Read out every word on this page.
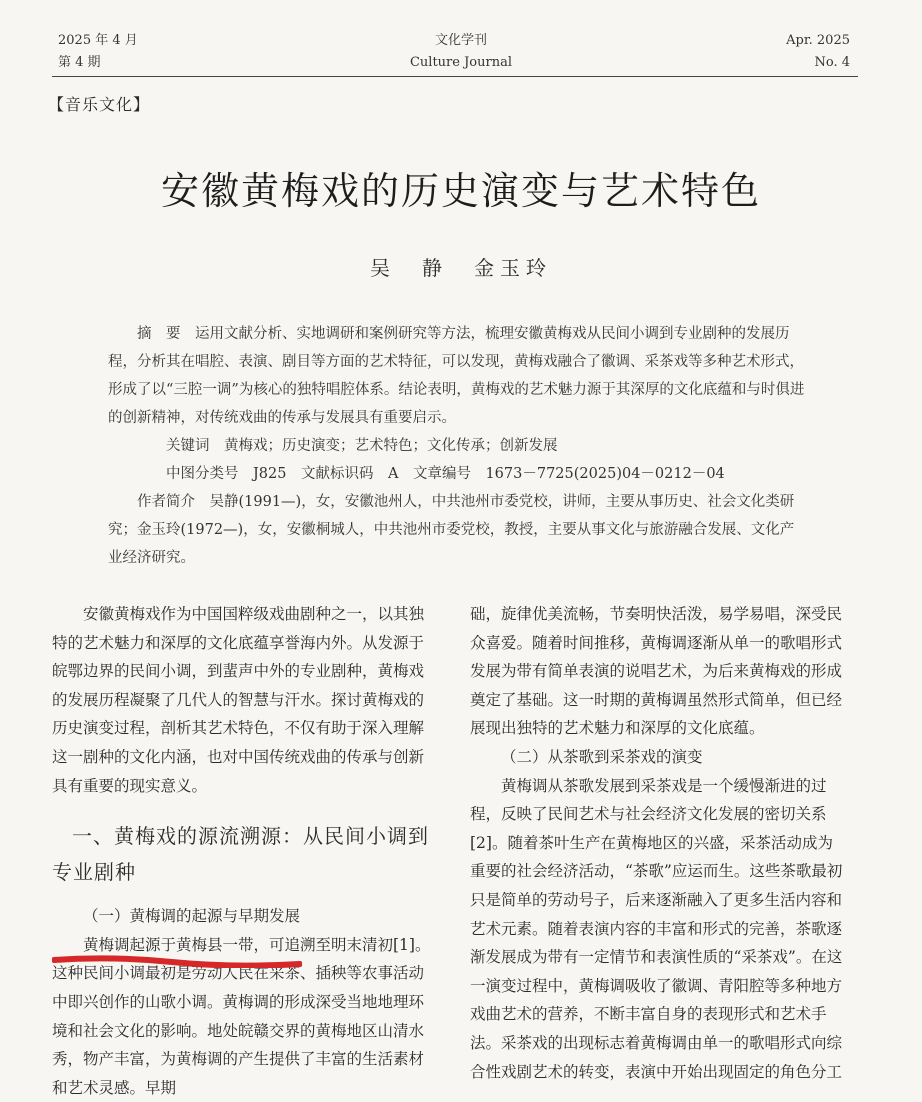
2025 年 4 月
第 4 期
文化学刊
Culture Journal
Apr. 2025
No. 4
【音乐文化】
安徽黄梅戏的历史演变与艺术特色
吴　静　金玉玲

摘　要　 运用文献分析、实地调研和案例研究等方法，梳理安徽黄梅戏从民间小调到专业剧种的发展历程，分析其在唱腔、表演、剧目等方面的艺术特征，可以发现，黄梅戏融合了徽调、采茶戏等多种艺术形式，形成了以“三腔一调”为核心的独特唱腔体系。结论表明，黄梅戏的艺术魅力源于其深厚的文化底蕴和与时俱进的创新精神，对传统戏曲的传承与发展具有重要启示。

关键词　黄梅戏；历史演变；艺术特色；文化传承；创新发展

中图分类号　J825　文献标识码　A　文章编号　1673－7725(2025)04－0212－04

作者简介　吴静(1991—)，女，安徽池州人，中共池州市委党校，讲师，主要从事历史、社会文化类研究；金玉玲(1972—)，女，安徽桐城人，中共池州市委党校，教授，主要从事文化与旅游融合发展、文化产业经济研究。

安徽黄梅戏作为中国国粹级戏曲剧种之一，以其独特的艺术魅力和深厚的文化底蕴享誉海内外。从发源于皖鄂边界的民间小调，到蜚声中外的专业剧种，黄梅戏的发展历程凝聚了几代人的智慧与汗水。探讨黄梅戏的历史演变过程，剖析其艺术特色，不仅有助于深入理解这一剧种的文化内涵，也对中国传统戏曲的传承与创新具有重要的现实意义。

一、黄梅戏的源流溯源：从民间小调到专业剧种

（一）黄梅调的起源与早期发展

黄梅调起源于黄梅县一带，可追溯至明末清初[1]。这种民间小调最初是劳动人民在采茶、插秧等农事活动中即兴创作的山歌小调。黄梅调的形成深受当地地理环境和社会文化的影响。地处皖赣交界的黄梅地区山清水秀，物产丰富，为黄梅调的产生提供了丰富的生活素材和艺术灵感。早期

础，旋律优美流畅，节奏明快活泼，易学易唱，深受民众喜爱。随着时间推移，黄梅调逐渐从单一的歌唱形式发展为带有简单表演的说唱艺术，为后来黄梅戏的形成奠定了基础。这一时期的黄梅调虽然形式简单，但已经展现出独特的艺术魅力和深厚的文化底蕴。

（二）从茶歌到采茶戏的演变

黄梅调从茶歌发展到采茶戏是一个缓慢渐进的过程，反映了民间艺术与社会经济文化发展的密切关系[2]。随着茶叶生产在黄梅地区的兴盛，采茶活动成为重要的社会经济活动，“茶歌”应运而生。这些茶歌最初只是简单的劳动号子，后来逐渐融入了更多生活内容和艺术元素。随着表演内容的丰富和形式的完善，茶歌逐渐发展成为带有一定情节和表演性质的“采茶戏”。在这一演变过程中，黄梅调吸收了徽调、青阳腔等多种地方戏曲艺术的营养，不断丰富自身的表现形式和艺术手法。采茶戏的出现标志着黄梅调由单一的歌唱形式向综合性戏剧艺术的转变，表演中开始出现固定的角色分工
